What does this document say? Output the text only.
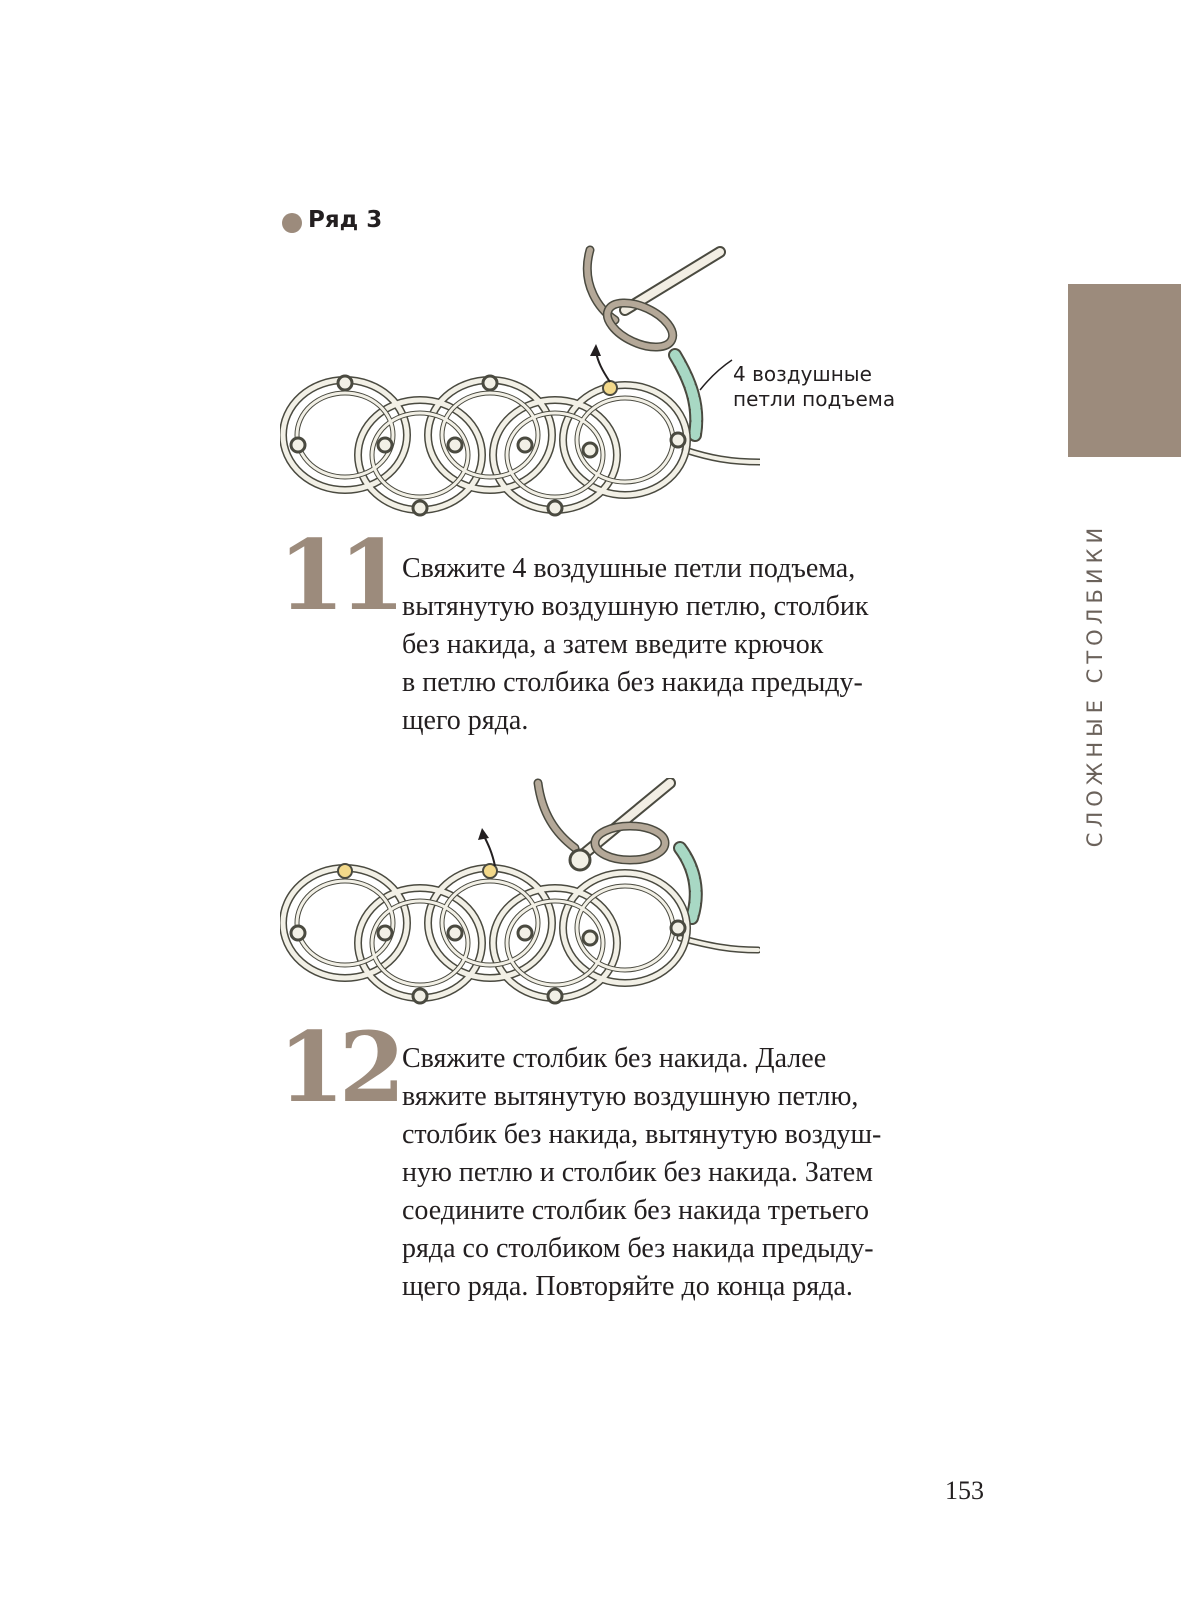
Ряд 3
4 воздушные
петли подъема
11 Свяжите 4 воздушные петли подъема,
вытянутую воздушную петлю, столбик
без накида, а затем введите крючок
в петлю столбика без накида предыду-
щего ряда.
12 Свяжите столбик без накида. Далее
вяжите вытянутую воздушную петлю,
столбик без накида, вытянутую воздуш-
ную петлю и столбик без накида. Затем
соедините столбик без накида третьего
ряда со столбиком без накида предыду-
щего ряда. Повторяйте до конца ряда.
СЛОЖНЫЕ СТОЛБИКИ
153
